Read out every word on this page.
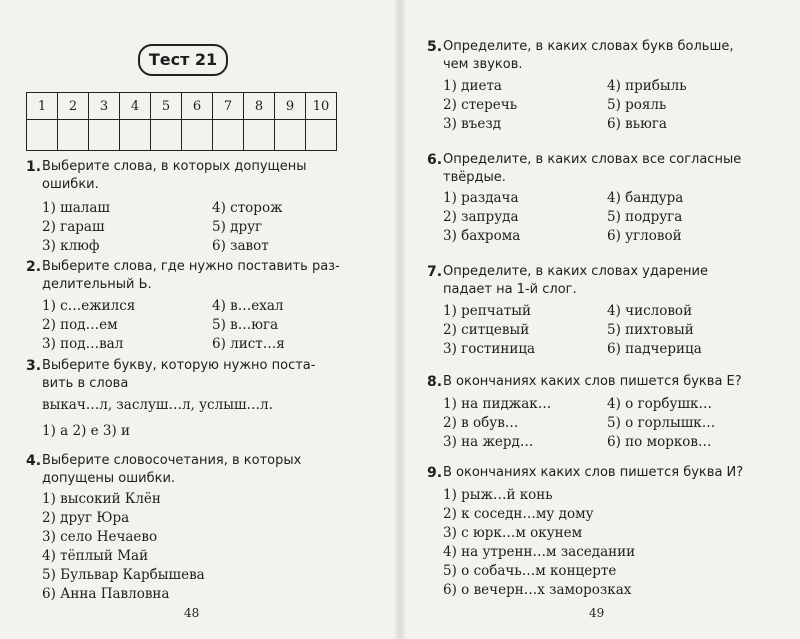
Тест 21
1	2	3	4	5	6	7	8	9	10

1. Выберите слова, в которых допущены
ошибки.
1) шалаш	4) сторож
2) гараш	5) друг
3) клюф	6) завот
2. Выберите слова, где нужно поставить раз-
делительный Ь.
1) с…ежился	4) в…ехал
2) под…ем	5) в…юга
3) под…вал	6) лист…я
3. Выберите букву, которую нужно поста-
вить в слова
выкач…л, заслуш…л, услыш…л.
1) а 2) е 3) и
4. Выберите словосочетания, в которых
допущены ошибки.
1) высокий Клён
2) друг Юра
3) село Нечаево
4) тёплый Май
5) Бульвар Карбышева
6) Анна Павловна
48
5. Определите, в каких словах букв больше,
чем звуков.
1) диета	4) прибыль
2) стеречь	5) рояль
3) въезд	6) вьюга
6. Определите, в каких словах все согласные
твёрдые.
1) раздача	4) бандура
2) запруда	5) подруга
3) бахрома	6) угловой
7. Определите, в каких словах ударение
падает на 1-й слог.
1) репчатый	4) числовой
2) ситцевый	5) пихтовый
3) гостиница	6) падчерица
8. В окончаниях каких слов пишется буква Е?
1) на пиджак…	4) о горбушк…
2) в обув…	5) о горлышк…
3) на жерд…	6) по морков…
9. В окончаниях каких слов пишется буква И?
1) рыж…й конь
2) к соседн…му дому
3) с юрк…м окунем
4) на утренн…м заседании
5) о собачь…м концерте
6) о вечерн…х заморозках
49
